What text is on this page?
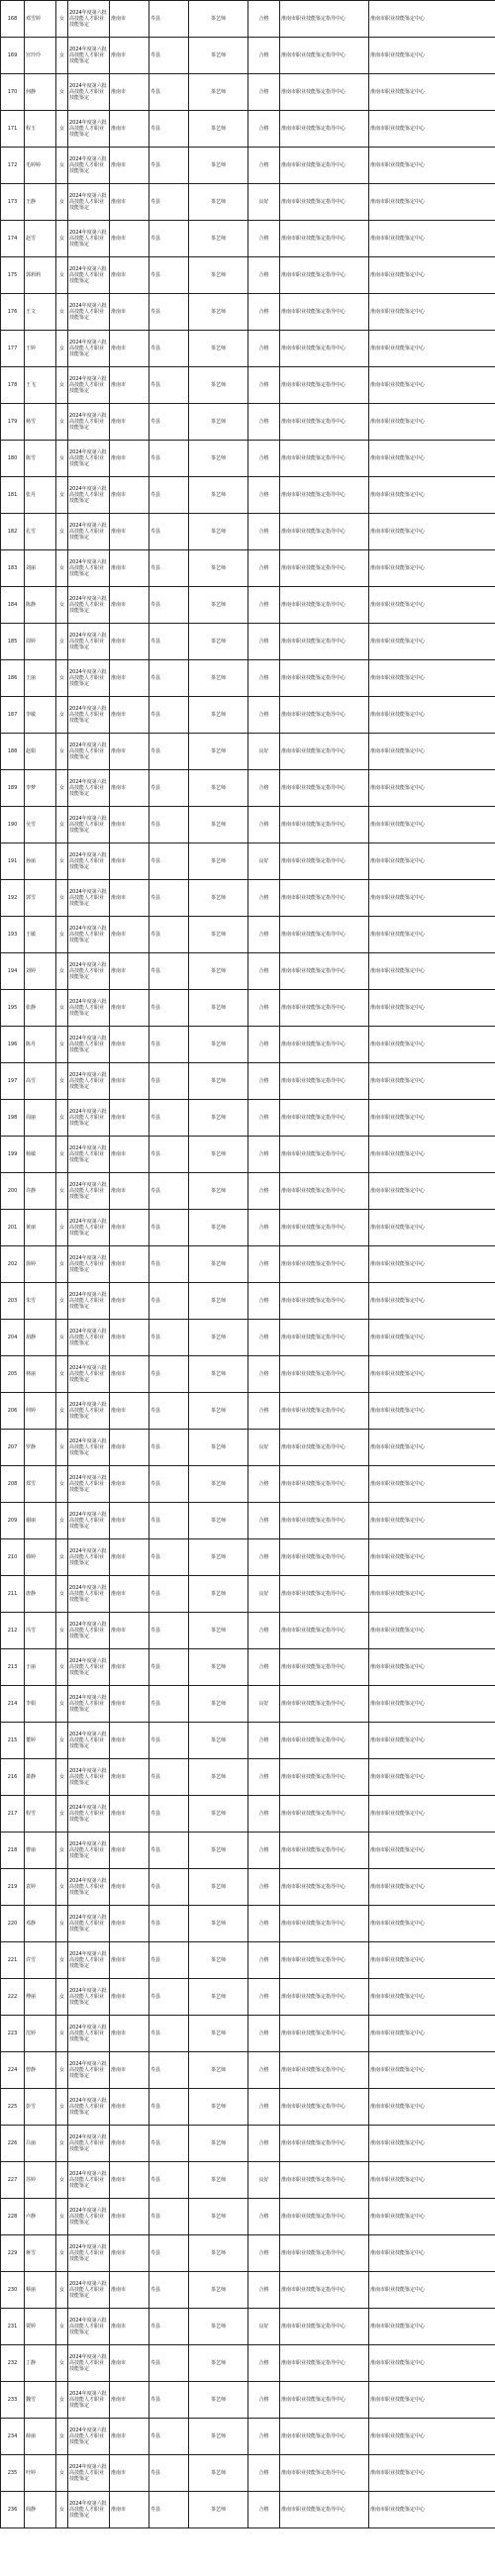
168	邓雪婷	女	2024年度第六批高技能人才职业技能鉴定	淮南市	寿县	茶艺师	合格	淮南市职业技能鉴定指导中心	淮南市职业技能鉴定中心
169	宫玲玲	女	2024年度第六批高技能人才职业技能鉴定	淮南市	寿县	茶艺师	合格	淮南市职业技能鉴定指导中心	淮南市职业技能鉴定中心
170	何静	女	2024年度第六批高技能人才职业技能鉴定	淮南市	寿县	茶艺师	合格	淮南市职业技能鉴定指导中心	淮南市职业技能鉴定中心
171	程玉	女	2024年度第六批高技能人才职业技能鉴定	淮南市	寿县	茶艺师	合格	淮南市职业技能鉴定指导中心	淮南市职业技能鉴定中心
172	毛婷婷	女	2024年度第六批高技能人才职业技能鉴定	淮南市	寿县	茶艺师	合格	淮南市职业技能鉴定指导中心	淮南市职业技能鉴定中心
173	王静	女	2024年度第六批高技能人才职业技能鉴定	淮南市	寿县	茶艺师	良好	淮南市职业技能鉴定指导中心	淮南市职业技能鉴定中心
174	赵雪	女	2024年度第六批高技能人才职业技能鉴定	淮南市	寿县	茶艺师	合格	淮南市职业技能鉴定指导中心	淮南市职业技能鉴定中心
175	郭莉莉	女	2024年度第六批高技能人才职业技能鉴定	淮南市	寿县	茶艺师	合格	淮南市职业技能鉴定指导中心	淮南市职业技能鉴定中心
176	王文	女	2024年度第六批高技能人才职业技能鉴定	淮南市	寿县	茶艺师	合格	淮南市职业技能鉴定指导中心	淮南市职业技能鉴定中心
177	王婷	女	2024年度第六批高技能人才职业技能鉴定	淮南市	寿县	茶艺师	合格	淮南市职业技能鉴定指导中心	淮南市职业技能鉴定中心
178	王飞	女	2024年度第六批高技能人才职业技能鉴定	淮南市	寿县	茶艺师	合格	淮南市职业技能鉴定指导中心	淮南市职业技能鉴定中心
179	杨雪	女	2024年度第六批高技能人才职业技能鉴定	淮南市	寿县	茶艺师	合格	淮南市职业技能鉴定指导中心	淮南市职业技能鉴定中心
180	陈雪	女	2024年度第六批高技能人才职业技能鉴定	淮南市	寿县	茶艺师	合格	淮南市职业技能鉴定指导中心	淮南市职业技能鉴定中心
181	张丹	女	2024年度第六批高技能人才职业技能鉴定	淮南市	寿县	茶艺师	合格	淮南市职业技能鉴定指导中心	淮南市职业技能鉴定中心
182	孔雪	女	2024年度第六批高技能人才职业技能鉴定	淮南市	寿县	茶艺师	合格	淮南市职业技能鉴定指导中心	淮南市职业技能鉴定中心
183	刘丽	女	2024年度第六批高技能人才职业技能鉴定	淮南市	寿县	茶艺师	合格	淮南市职业技能鉴定指导中心	淮南市职业技能鉴定中心
184	陈静	女	2024年度第六批高技能人才职业技能鉴定	淮南市	寿县	茶艺师	合格	淮南市职业技能鉴定指导中心	淮南市职业技能鉴定中心
185	周婷	女	2024年度第六批高技能人才职业技能鉴定	淮南市	寿县	茶艺师	合格	淮南市职业技能鉴定指导中心	淮南市职业技能鉴定中心
186	王丽	女	2024年度第六批高技能人才职业技能鉴定	淮南市	寿县	茶艺师	合格	淮南市职业技能鉴定指导中心	淮南市职业技能鉴定中心
187	李敏	女	2024年度第六批高技能人才职业技能鉴定	淮南市	寿县	茶艺师	合格	淮南市职业技能鉴定指导中心	淮南市职业技能鉴定中心
188	赵娟	女	2024年度第六批高技能人才职业技能鉴定	淮南市	寿县	茶艺师	良好	淮南市职业技能鉴定指导中心	淮南市职业技能鉴定中心
189	李梦	女	2024年度第六批高技能人才职业技能鉴定	淮南市	寿县	茶艺师	合格	淮南市职业技能鉴定指导中心	淮南市职业技能鉴定中心
190	吴雪	女	2024年度第六批高技能人才职业技能鉴定	淮南市	寿县	茶艺师	合格	淮南市职业技能鉴定指导中心	淮南市职业技能鉴定中心
191	孙丽	女	2024年度第六批高技能人才职业技能鉴定	淮南市	寿县	茶艺师	良好	淮南市职业技能鉴定指导中心	淮南市职业技能鉴定中心
192	郭雪	女	2024年度第六批高技能人才职业技能鉴定	淮南市	寿县	茶艺师	合格	淮南市职业技能鉴定指导中心	淮南市职业技能鉴定中心
193	王敏	女	2024年度第六批高技能人才职业技能鉴定	淮南市	寿县	茶艺师	合格	淮南市职业技能鉴定指导中心	淮南市职业技能鉴定中心
194	刘婷	女	2024年度第六批高技能人才职业技能鉴定	淮南市	寿县	茶艺师	合格	淮南市职业技能鉴定指导中心	淮南市职业技能鉴定中心
195	张静	女	2024年度第六批高技能人才职业技能鉴定	淮南市	寿县	茶艺师	合格	淮南市职业技能鉴定指导中心	淮南市职业技能鉴定中心
196	陈丹	女	2024年度第六批高技能人才职业技能鉴定	淮南市	寿县	茶艺师	合格	淮南市职业技能鉴定指导中心	淮南市职业技能鉴定中心
197	高雪	女	2024年度第六批高技能人才职业技能鉴定	淮南市	寿县	茶艺师	合格	淮南市职业技能鉴定指导中心	淮南市职业技能鉴定中心
198	周丽	女	2024年度第六批高技能人才职业技能鉴定	淮南市	寿县	茶艺师	合格	淮南市职业技能鉴定指导中心	淮南市职业技能鉴定中心
199	杨敏	女	2024年度第六批高技能人才职业技能鉴定	淮南市	寿县	茶艺师	合格	淮南市职业技能鉴定指导中心	淮南市职业技能鉴定中心
200	许静	女	2024年度第六批高技能人才职业技能鉴定	淮南市	寿县	茶艺师	合格	淮南市职业技能鉴定指导中心	淮南市职业技能鉴定中心
201	黄丽	女	2024年度第六批高技能人才职业技能鉴定	淮南市	寿县	茶艺师	合格	淮南市职业技能鉴定指导中心	淮南市职业技能鉴定中心
202	徐婷	女	2024年度第六批高技能人才职业技能鉴定	淮南市	寿县	茶艺师	合格	淮南市职业技能鉴定指导中心	淮南市职业技能鉴定中心
203	朱雪	女	2024年度第六批高技能人才职业技能鉴定	淮南市	寿县	茶艺师	合格	淮南市职业技能鉴定指导中心	淮南市职业技能鉴定中心
204	胡静	女	2024年度第六批高技能人才职业技能鉴定	淮南市	寿县	茶艺师	合格	淮南市职业技能鉴定指导中心	淮南市职业技能鉴定中心
205	林丽	女	2024年度第六批高技能人才职业技能鉴定	淮南市	寿县	茶艺师	合格	淮南市职业技能鉴定指导中心	淮南市职业技能鉴定中心
206	何婷	女	2024年度第六批高技能人才职业技能鉴定	淮南市	寿县	茶艺师	合格	淮南市职业技能鉴定指导中心	淮南市职业技能鉴定中心
207	罗静	女	2024年度第六批高技能人才职业技能鉴定	淮南市	寿县	茶艺师	良好	淮南市职业技能鉴定指导中心	淮南市职业技能鉴定中心
208	郑雪	女	2024年度第六批高技能人才职业技能鉴定	淮南市	寿县	茶艺师	合格	淮南市职业技能鉴定指导中心	淮南市职业技能鉴定中心
209	谢丽	女	2024年度第六批高技能人才职业技能鉴定	淮南市	寿县	茶艺师	合格	淮南市职业技能鉴定指导中心	淮南市职业技能鉴定中心
210	韩婷	女	2024年度第六批高技能人才职业技能鉴定	淮南市	寿县	茶艺师	合格	淮南市职业技能鉴定指导中心	淮南市职业技能鉴定中心
211	唐静	女	2024年度第六批高技能人才职业技能鉴定	淮南市	寿县	茶艺师	良好	淮南市职业技能鉴定指导中心	淮南市职业技能鉴定中心
212	冯雪	女	2024年度第六批高技能人才职业技能鉴定	淮南市	寿县	茶艺师	合格	淮南市职业技能鉴定指导中心	淮南市职业技能鉴定中心
213	于丽	女	2024年度第六批高技能人才职业技能鉴定	淮南市	寿县	茶艺师	合格	淮南市职业技能鉴定指导中心	淮南市职业技能鉴定中心
214	李娟	女	2024年度第六批高技能人才职业技能鉴定	淮南市	寿县	茶艺师	良好	淮南市职业技能鉴定指导中心	淮南市职业技能鉴定中心
215	董婷	女	2024年度第六批高技能人才职业技能鉴定	淮南市	寿县	茶艺师	合格	淮南市职业技能鉴定指导中心	淮南市职业技能鉴定中心
216	萧静	女	2024年度第六批高技能人才职业技能鉴定	淮南市	寿县	茶艺师	合格	淮南市职业技能鉴定指导中心	淮南市职业技能鉴定中心
217	程雪	女	2024年度第六批高技能人才职业技能鉴定	淮南市	寿县	茶艺师	合格	淮南市职业技能鉴定指导中心	淮南市职业技能鉴定中心
218	曹丽	女	2024年度第六批高技能人才职业技能鉴定	淮南市	寿县	茶艺师	合格	淮南市职业技能鉴定指导中心	淮南市职业技能鉴定中心
219	袁婷	女	2024年度第六批高技能人才职业技能鉴定	淮南市	寿县	茶艺师	合格	淮南市职业技能鉴定指导中心	淮南市职业技能鉴定中心
220	邓静	女	2024年度第六批高技能人才职业技能鉴定	淮南市	寿县	茶艺师	合格	淮南市职业技能鉴定指导中心	淮南市职业技能鉴定中心
221	许雪	女	2024年度第六批高技能人才职业技能鉴定	淮南市	寿县	茶艺师	合格	淮南市职业技能鉴定指导中心	淮南市职业技能鉴定中心
222	傅丽	女	2024年度第六批高技能人才职业技能鉴定	淮南市	寿县	茶艺师	合格	淮南市职业技能鉴定指导中心	淮南市职业技能鉴定中心
223	沈婷	女	2024年度第六批高技能人才职业技能鉴定	淮南市	寿县	茶艺师	合格	淮南市职业技能鉴定指导中心	淮南市职业技能鉴定中心
224	曾静	女	2024年度第六批高技能人才职业技能鉴定	淮南市	寿县	茶艺师	合格	淮南市职业技能鉴定指导中心	淮南市职业技能鉴定中心
225	彭雪	女	2024年度第六批高技能人才职业技能鉴定	淮南市	寿县	茶艺师	合格	淮南市职业技能鉴定指导中心	淮南市职业技能鉴定中心
226	吕丽	女	2024年度第六批高技能人才职业技能鉴定	淮南市	寿县	茶艺师	合格	淮南市职业技能鉴定指导中心	淮南市职业技能鉴定中心
227	苏婷	女	2024年度第六批高技能人才职业技能鉴定	淮南市	寿县	茶艺师	良好	淮南市职业技能鉴定指导中心	淮南市职业技能鉴定中心
228	卢静	女	2024年度第六批高技能人才职业技能鉴定	淮南市	寿县	茶艺师	合格	淮南市职业技能鉴定指导中心	淮南市职业技能鉴定中心
229	蒋雪	女	2024年度第六批高技能人才职业技能鉴定	淮南市	寿县	茶艺师	合格	淮南市职业技能鉴定指导中心	淮南市职业技能鉴定中心
230	蔡丽	女	2024年度第六批高技能人才职业技能鉴定	淮南市	寿县	茶艺师	合格	淮南市职业技能鉴定指导中心	淮南市职业技能鉴定中心
231	贾婷	女	2024年度第六批高技能人才职业技能鉴定	淮南市	寿县	茶艺师	良好	淮南市职业技能鉴定指导中心	淮南市职业技能鉴定中心
232	丁静	女	2024年度第六批高技能人才职业技能鉴定	淮南市	寿县	茶艺师	合格	淮南市职业技能鉴定指导中心	淮南市职业技能鉴定中心
233	魏雪	女	2024年度第六批高技能人才职业技能鉴定	淮南市	寿县	茶艺师	合格	淮南市职业技能鉴定指导中心	淮南市职业技能鉴定中心
234	薛丽	女	2024年度第六批高技能人才职业技能鉴定	淮南市	寿县	茶艺师	合格	淮南市职业技能鉴定指导中心	淮南市职业技能鉴定中心
235	叶婷	女	2024年度第六批高技能人才职业技能鉴定	淮南市	寿县	茶艺师	合格	淮南市职业技能鉴定指导中心	淮南市职业技能鉴定中心
236	阎静	女	2024年度第六批高技能人才职业技能鉴定	淮南市	寿县	茶艺师	合格	淮南市职业技能鉴定指导中心	淮南市职业技能鉴定中心
